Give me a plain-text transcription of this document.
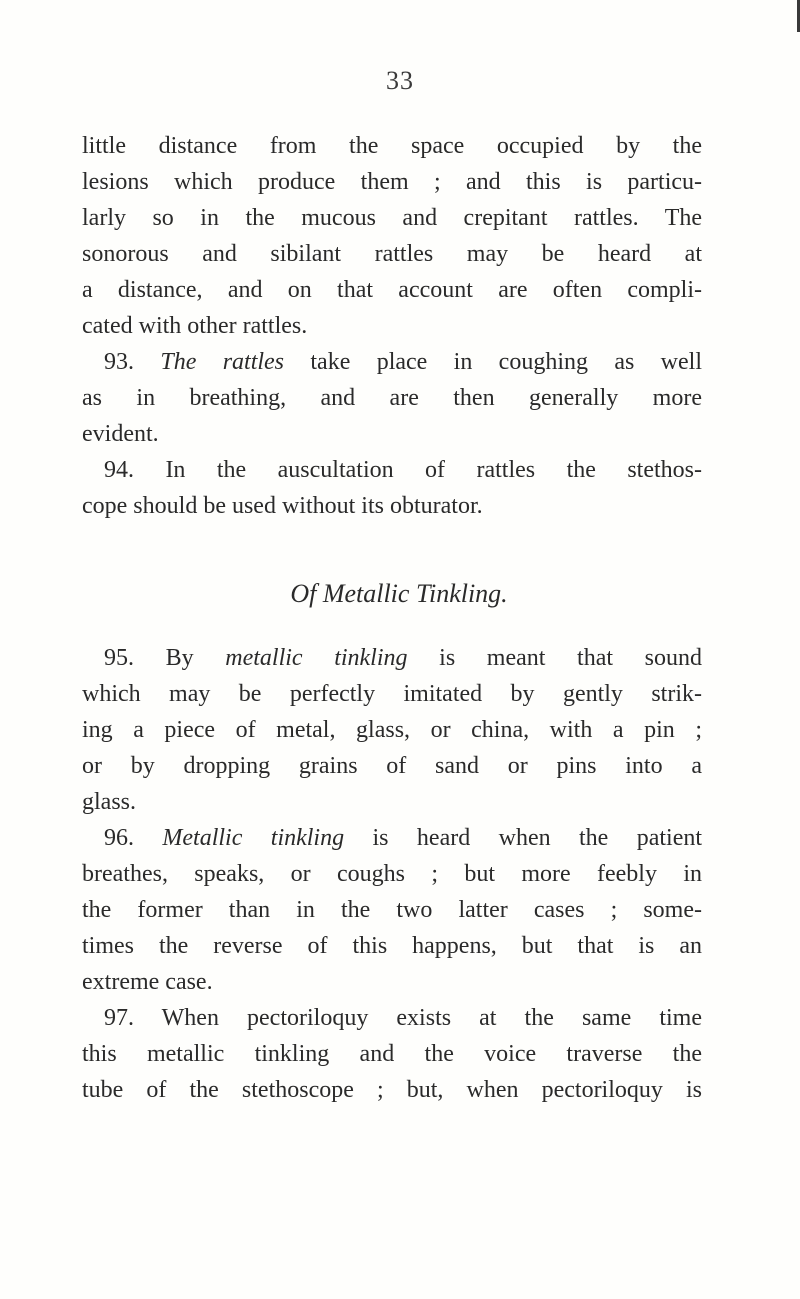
33
little distance from the space occupied by the
lesions which produce them ; and this is particu-
larly so in the mucous and crepitant rattles. The
sonorous and sibilant rattles may be heard at
a distance, and on that account are often compli-
cated with other rattles.
93. The rattles take place in coughing as well
as in breathing, and are then generally more
evident.
94. In the auscultation of rattles the stethos-
cope should be used without its obturator.
Of Metallic Tinkling.
95. By metallic tinkling is meant that sound
which may be perfectly imitated by gently strik-
ing a piece of metal, glass, or china, with a pin ;
or by dropping grains of sand or pins into a
glass.
96. Metallic tinkling is heard when the patient
breathes, speaks, or coughs ; but more feebly in
the former than in the two latter cases ; some-
times the reverse of this happens, but that is an
extreme case.
97. When pectoriloquy exists at the same time
this metallic tinkling and the voice traverse the
tube of the stethoscope ; but, when pectoriloquy is
